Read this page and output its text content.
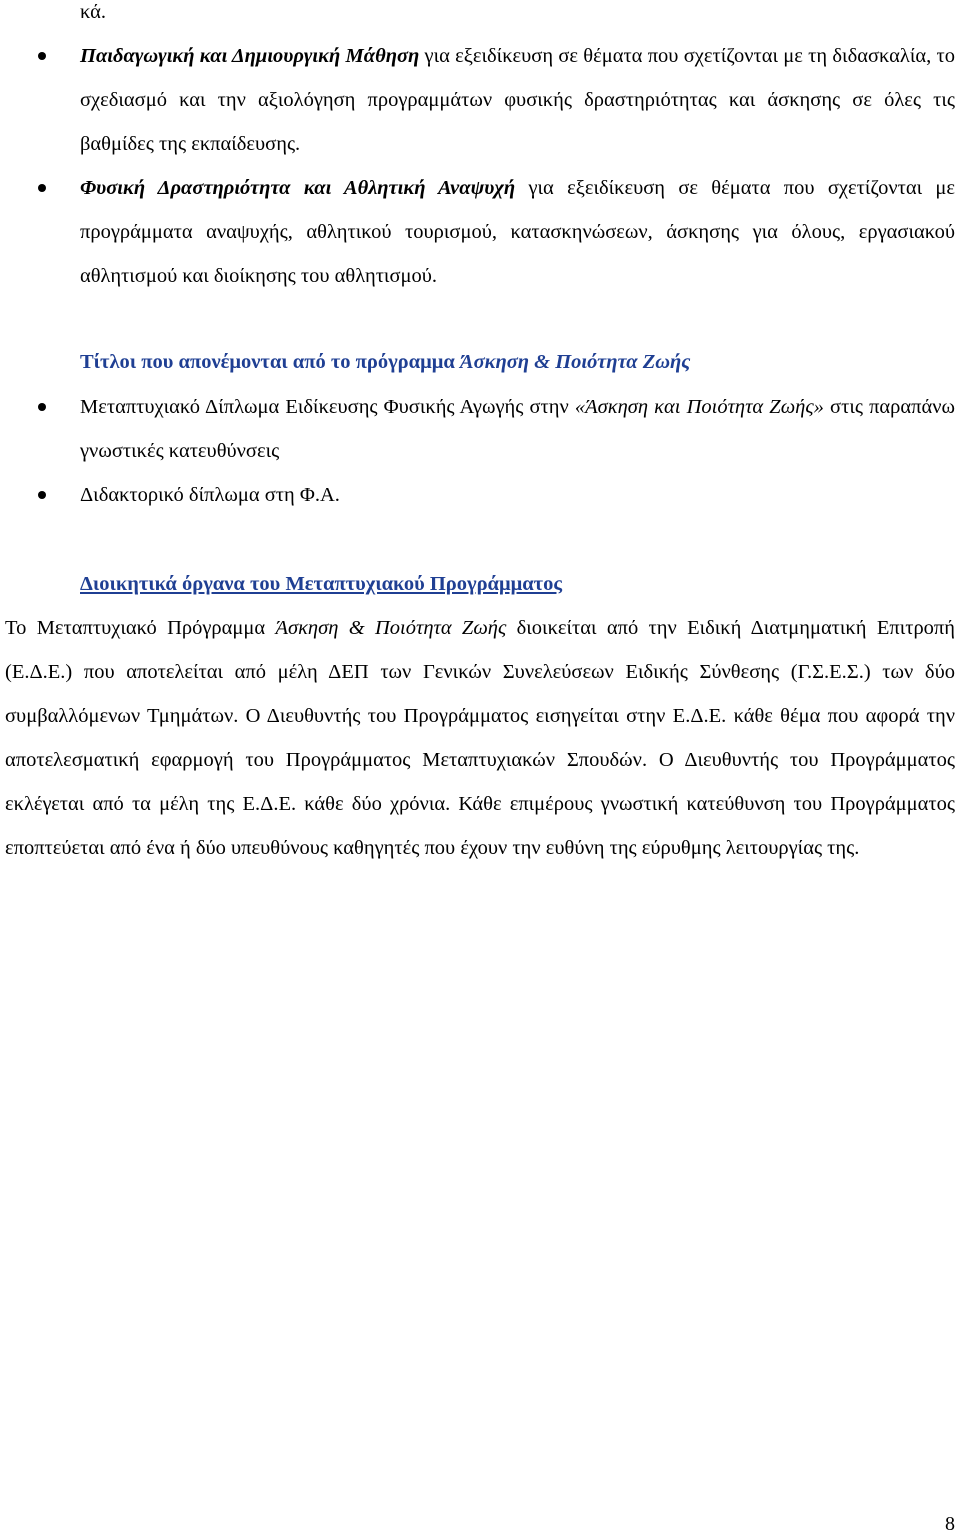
κά.

Παιδαγωγική και Δημιουργική Μάθηση για εξειδίκευση σε θέματα που σχετίζονται με τη διδασκαλία, το σχεδιασμό και την αξιολόγηση προγραμμάτων φυσικής δραστηριότητας και άσκησης σε όλες τις βαθμίδες της εκπαίδευσης.
Φυσική Δραστηριότητα και Αθλητική Αναψυχή για εξειδίκευση σε θέματα που σχετίζονται με προγράμματα αναψυχής, αθλητικού τουρισμού, κατασκηνώσεων, άσκησης για όλους, εργασιακού αθλητισμού και διοίκησης του αθλητισμού.
Τίτλοι που απονέμονται από το πρόγραμμα Άσκηση & Ποιότητα Ζωής
Μεταπτυχιακό Δίπλωμα Ειδίκευσης Φυσικής Αγωγής στην «Άσκηση και Ποιότητα Ζωής» στις παραπάνω γνωστικές κατευθύνσεις
Διδακτορικό δίπλωμα στη Φ.Α.
Διοικητικά όργανα του Μεταπτυχιακού Προγράμματος

Το Μεταπτυχιακό Πρόγραμμα Άσκηση & Ποιότητα Ζωής διοικείται από την Ειδική Διατμηματική Επιτροπή (Ε.Δ.Ε.) που αποτελείται από μέλη ΔΕΠ των Γενικών Συνελεύσεων Ειδικής Σύνθεσης (Γ.Σ.Ε.Σ.) των δύο συμβαλλόμενων Τμημάτων. Ο Διευθυντής του Προγράμματος εισηγείται στην Ε.Δ.Ε. κάθε θέμα που αφορά την αποτελεσματική εφαρμογή του Προγράμματος Μεταπτυχιακών Σπουδών. Ο Διευθυντής του Προγράμματος εκλέγεται από τα μέλη της Ε.Δ.Ε. κάθε δύο χρόνια. Κάθε επιμέρους γνωστική κατεύθυνση του Προγράμματος εποπτεύεται από ένα ή δύο υπευθύνους καθηγητές που έχουν την ευθύνη της εύρυθμης λειτουργίας της.

8
